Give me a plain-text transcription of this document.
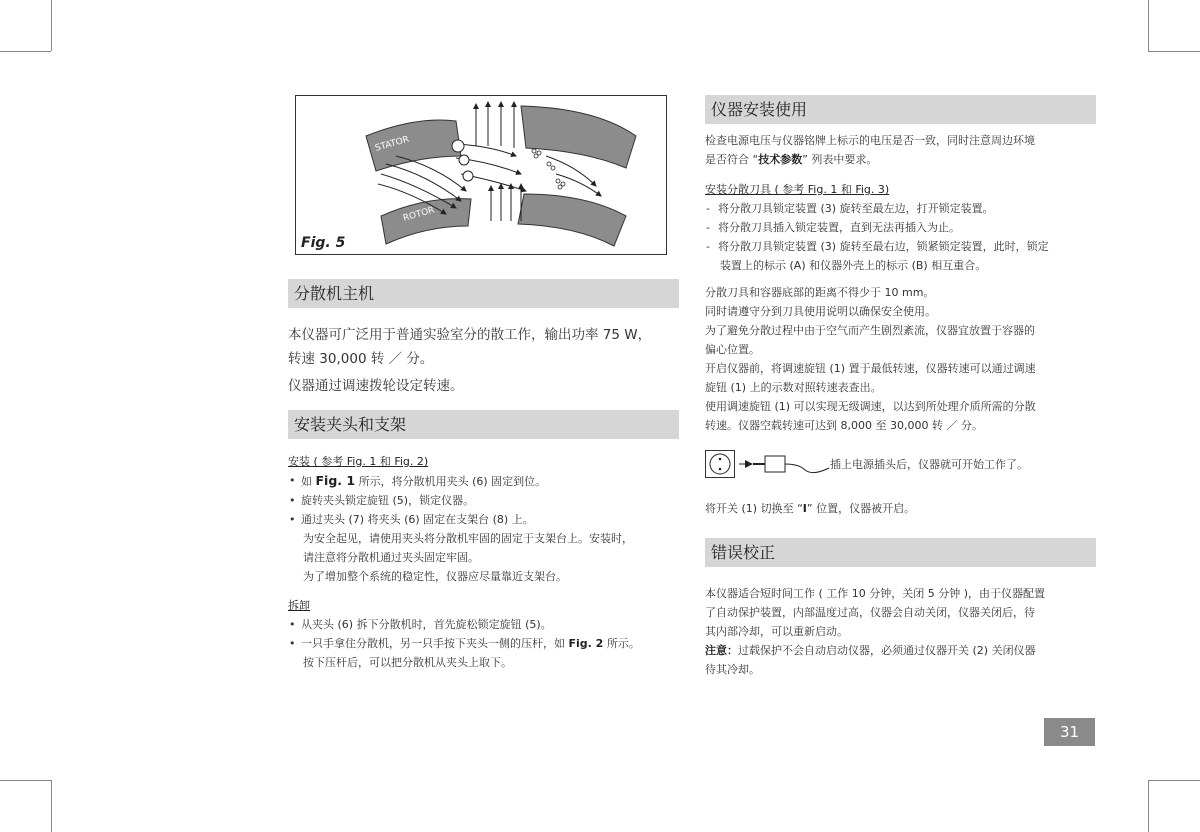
STATOR
ROTOR
Fig. 5
分散机主机
本仪器可广泛用于普通实验室分的散工作，输出功率 75 W，
转速 30,000 转 ／ 分。
仪器通过调速拨轮设定转速。
安装夹头和支架
安装 ( 参考 Fig. 1 和 Fig. 2)
• 如 Fig. 1 所示，将分散机用夹头 (6) 固定到位。
• 旋转夹头锁定旋钮 (5)，锁定仪器。
• 通过夹头 (7) 将夹头 (6) 固定在支架台 (8) 上。
为安全起见，请使用夹头将分散机牢固的固定于支架台上。安装时，
请注意将分散机通过夹头固定牢固。
为了增加整个系统的稳定性，仪器应尽量靠近支架台。
拆卸
• 从夹头 (6) 拆下分散机时，首先旋松锁定旋钮 (5)。
• 一只手拿住分散机，另一只手按下夹头一侧的压杆，如 Fig. 2 所示。
按下压杆后，可以把分散机从夹头上取下。
仪器安装使用
检查电源电压与仪器铭牌上标示的电压是否一致，同时注意周边环境
是否符合 “技术参数” 列表中要求。
安装分散刀具 ( 参考 Fig. 1 和 Fig. 3)
- 将分散刀具锁定装置 (3) 旋转至最左边，打开锁定装置。
- 将分散刀具插入锁定装置，直到无法再插入为止。
- 将分散刀具锁定装置 (3) 旋转至最右边，锁紧锁定装置，此时，锁定
装置上的标示 (A) 和仪器外壳上的标示 (B) 相互重合。
分散刀具和容器底部的距离不得少于 10 mm。
同时请遵守分到刀具使用说明以确保安全使用。
为了避免分散过程中由于空气而产生剧烈紊流，仪器宜放置于容器的
偏心位置。
开启仪器前，将调速旋钮 (1) 置于最低转速，仪器转速可以通过调速
旋钮 (1) 上的示数对照转速表查出。
使用调速旋钮 (1) 可以实现无级调速，以达到所处理介质所需的分散
转速。仪器空载转速可达到 8,000 至 30,000 转 ／ 分。
插上电源插头后，仪器就可开始工作了。
将开关 (1) 切换至 “I” 位置，仪器被开启。
错误校正
本仪器适合短时间工作 ( 工作 10 分钟，关闭 5 分钟 )，由于仪器配置
了自动保护装置，内部温度过高，仪器会自动关闭，仪器关闭后，待
其内部冷却，可以重新启动。
注意：过载保护不会自动启动仪器，必须通过仪器开关 (2) 关闭仪器
待其冷却。
31
